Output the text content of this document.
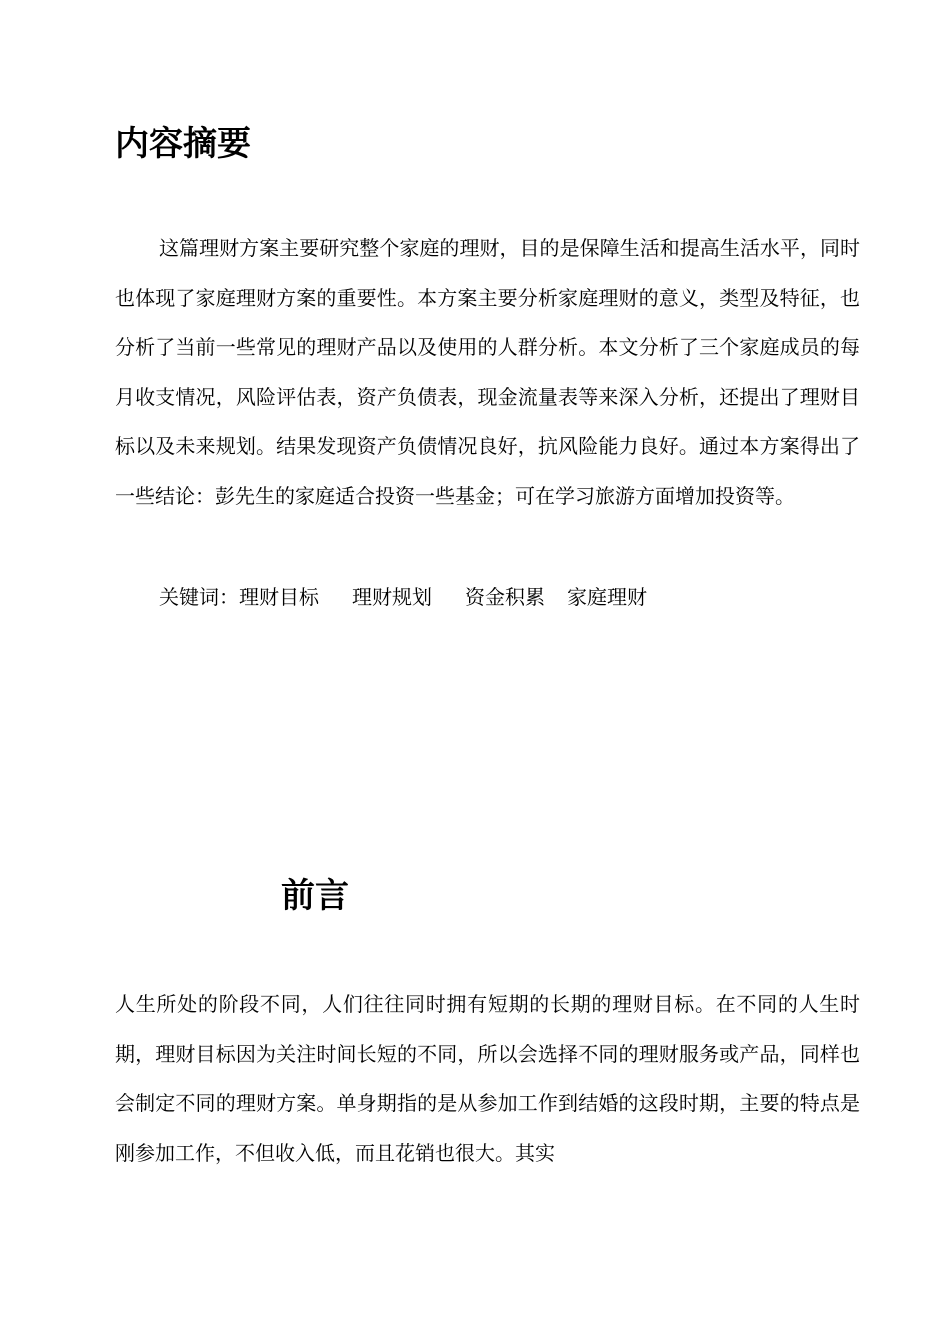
内容摘要

这篇理财方案主要研究整个家庭的理财，目的是保障生活和提高生活水平，同时也体现了家庭理财方案的重要性。本方案主要分析家庭理财的意义，类型及特征，也分析了当前一些常见的理财产品以及使用的人群分析。本文分析了三个家庭成员的每月收支情况，风险评估表，资产负债表，现金流量表等来深入分析，还提出了理财目标以及未来规划。结果发现资产负债情况良好，抗风险能力良好。通过本方案得出了一些结论：彭先生的家庭适合投资一些基金；可在学习旅游方面增加投资等。

关键词：理财目标 理财规划 资金积累 家庭理财

前言

人生所处的阶段不同，人们往往同时拥有短期的长期的理财目标。在不同的人生时期，理财目标因为关注时间长短的不同，所以会选择不同的理财服务或产品，同样也会制定不同的理财方案。单身期指的是从参加工作到结婚的这段时期，主要的特点是刚参加工作，不但收入低，而且花销也很大。其实
